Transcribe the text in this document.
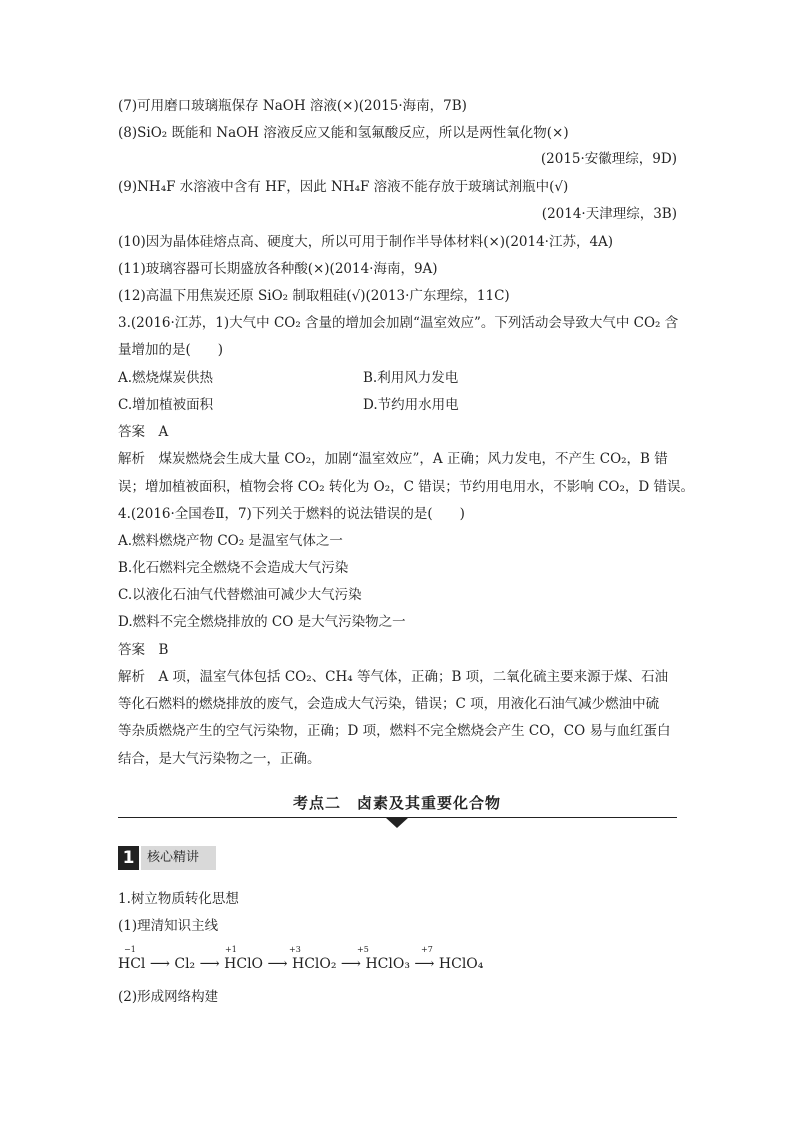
(7)可用磨口玻璃瓶保存 NaOH 溶液(×)(2015·海南，7B)
(8)SiO₂ 既能和 NaOH 溶液反应又能和氢氟酸反应，所以是两性氧化物(×)
(2015·安徽理综，9D)
(9)NH₄F 水溶液中含有 HF，因此 NH₄F 溶液不能存放于玻璃试剂瓶中(√)
(2014·天津理综，3B)
(10)因为晶体硅熔点高、硬度大，所以可用于制作半导体材料(×)(2014·江苏，4A)
(11)玻璃容器可长期盛放各种酸(×)(2014·海南，9A)
(12)高温下用焦炭还原 SiO₂ 制取粗硅(√)(2013·广东理综，11C)
3.(2016·江苏，1)大气中 CO₂ 含量的增加会加剧“温室效应”。下列活动会导致大气中 CO₂ 含
量增加的是(　　)
A.燃烧煤炭供热	B.利用风力发电
C.增加植被面积	D.节约用水用电
答案　A
解析　煤炭燃烧会生成大量 CO₂，加剧“温室效应”，A 正确；风力发电，不产生 CO₂，B 错
误；增加植被面积，植物会将 CO₂ 转化为 O₂，C 错误；节约用电用水，不影响 CO₂，D 错误。
4.(2016·全国卷Ⅱ，7)下列关于燃料的说法错误的是(　　)
A.燃料燃烧产物 CO₂ 是温室气体之一
B.化石燃料完全燃烧不会造成大气污染
C.以液化石油气代替燃油可减少大气污染
D.燃料不完全燃烧排放的 CO 是大气污染物之一
答案　B
解析　A 项，温室气体包括 CO₂、CH₄ 等气体，正确；B 项，二氧化硫主要来源于煤、石油
等化石燃料的燃烧排放的废气，会造成大气污染，错误；C 项，用液化石油气减少燃油中硫
等杂质燃烧产生的空气污染物，正确；D 项，燃料不完全燃烧会产生 CO，CO 易与血红蛋白
结合，是大气污染物之一，正确。
考点二　卤素及其重要化合物
1 核心精讲
1.树立物质转化思想
(1)理清知识主线
−1	+1	+3	+5	+7
HCl ⟶ Cl₂ ⟶ HClO ⟶ HClO₂ ⟶ HClO₃ ⟶ HClO₄
(2)形成网络构建
